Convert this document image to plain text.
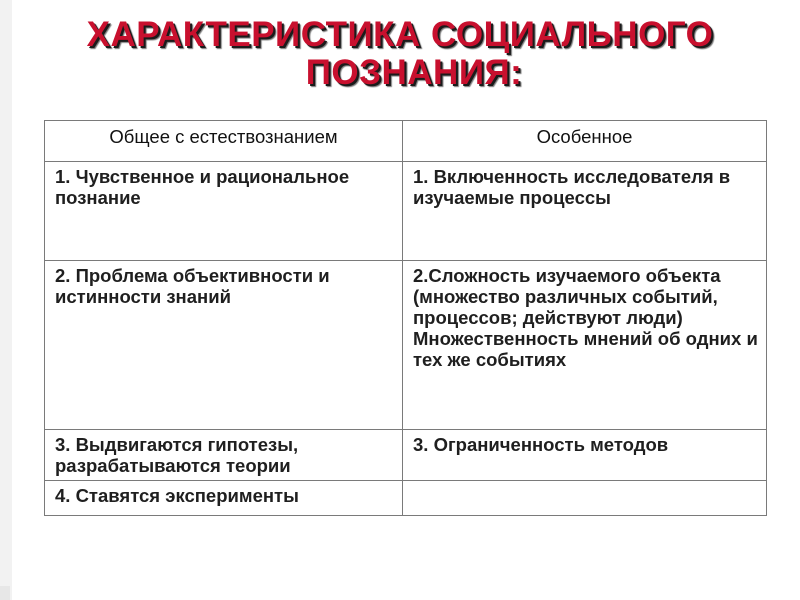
ХАРАКТЕРИСТИКА СОЦИАЛЬНОГО
ПОЗНАНИЯ:
Общее с естествознанием	Особенное
1. Чувственное и рациональное познание	1. Включенность исследователя в изучаемые процессы
2. Проблема объективности и истинности знаний	2.Сложность изучаемого объекта (множество различных событий, процессов; действуют люди) Множественность мнений об одних и тех же событиях
3. Выдвигаются гипотезы, разрабатываются теории	3. Ограниченность методов
4. Ставятся эксперименты	
